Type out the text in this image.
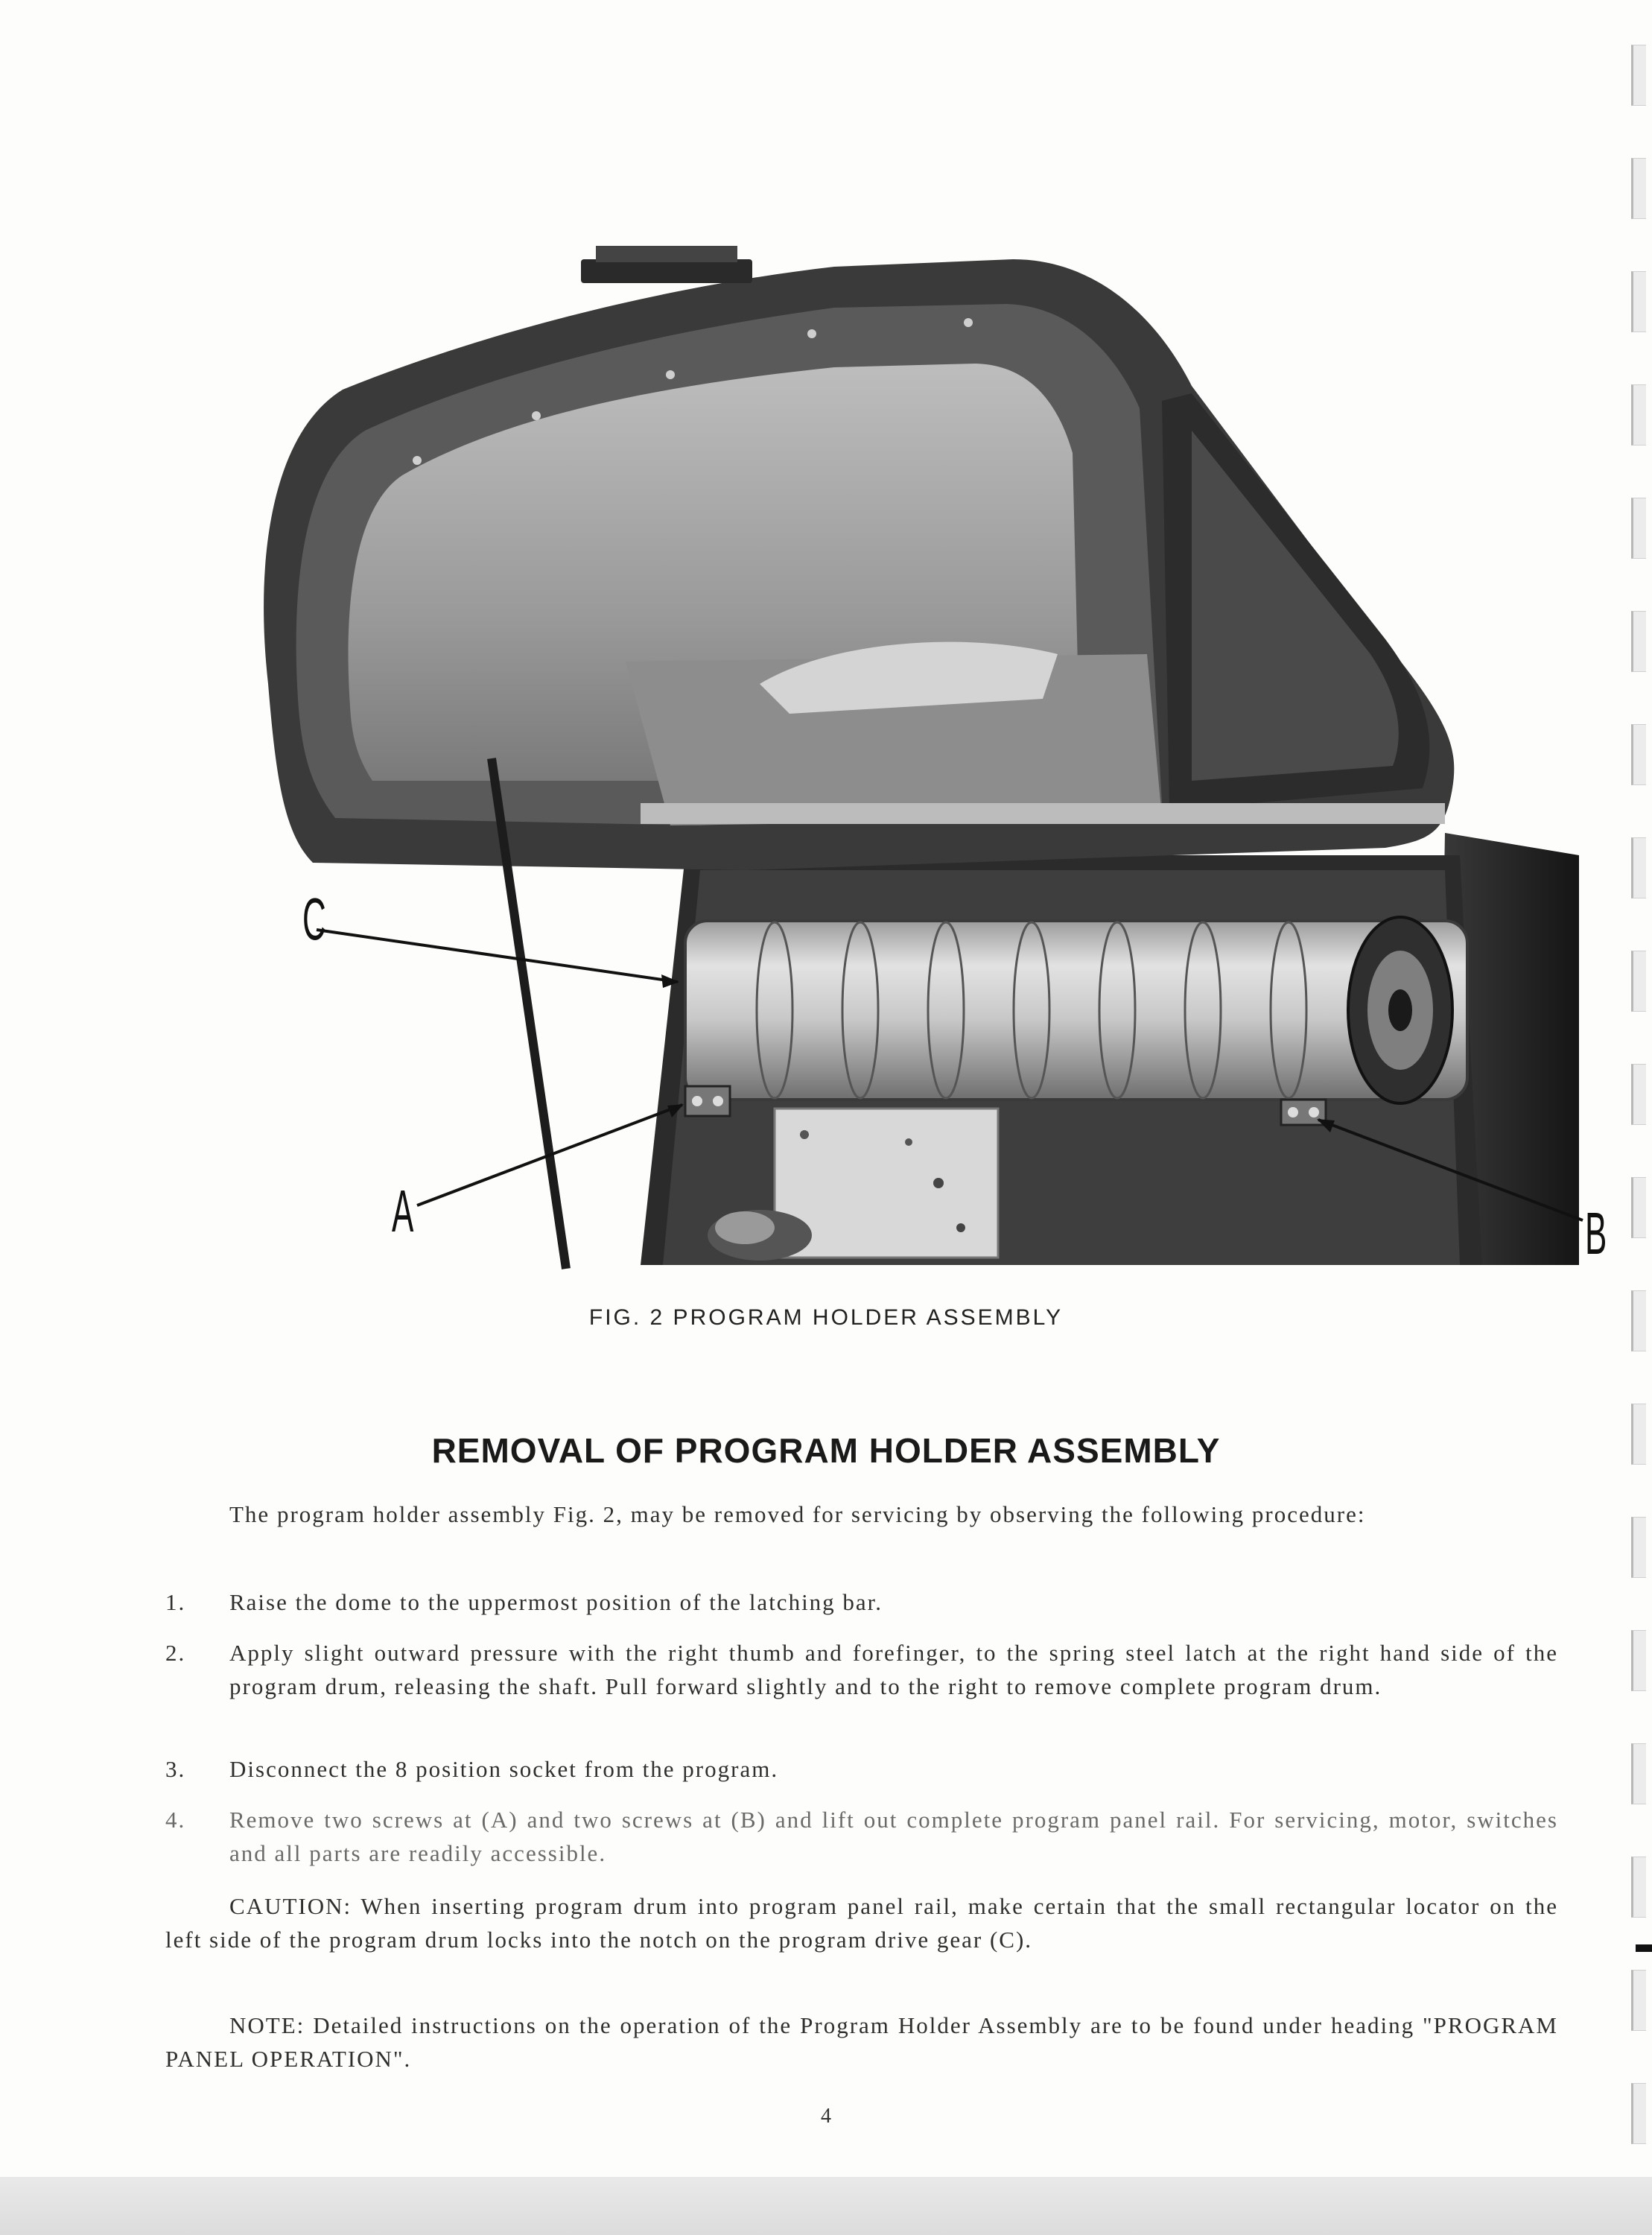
C
A	B
FIG. 2 PROGRAM HOLDER ASSEMBLY
REMOVAL OF PROGRAM HOLDER ASSEMBLY

The program holder assembly Fig. 2, may be removed for servicing by observing the following procedure:

1. Raise the dome to the uppermost position of the latching bar.
2. Apply slight outward pressure with the right thumb and forefinger, to the spring steel latch at the right hand side of the program drum, releasing the shaft. Pull forward slightly and to the right to remove complete program drum.
3. Disconnect the 8 position socket from the program.
4. Remove two screws at (A) and two screws at (B) and lift out complete program panel rail. For servicing, motor, switches and all parts are readily accessible.

CAUTION: When inserting program drum into program panel rail, make certain that the small rectangular locator on the left side of the program drum locks into the notch on the program drive gear (C).

NOTE: Detailed instructions on the operation of the Program Holder Assembly are to be found under heading "PROGRAM PANEL OPERATION".

4
